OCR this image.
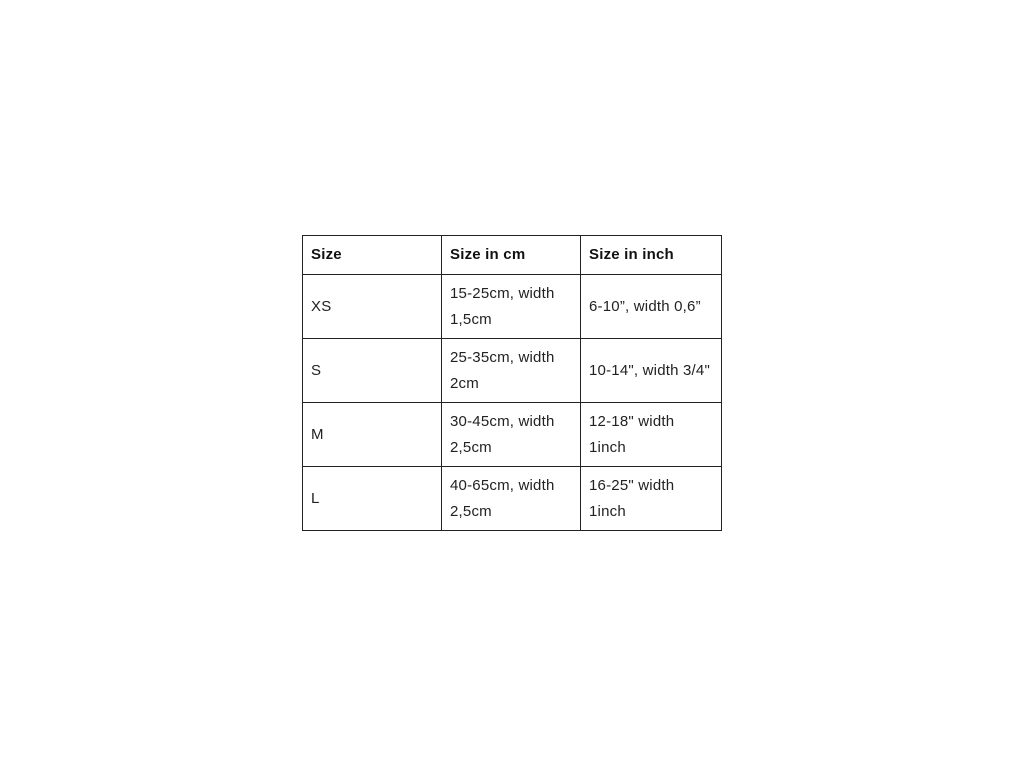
Size	Size in cm	Size in inch
XS	15-25cm, width 1,5cm	6-10”, width 0,6”
S	25-35cm, width 2cm	10-14", width 3/4"
M	30-45cm, width 2,5cm	12-18" width 1inch
L	40-65cm, width 2,5cm	16-25" width 1inch
